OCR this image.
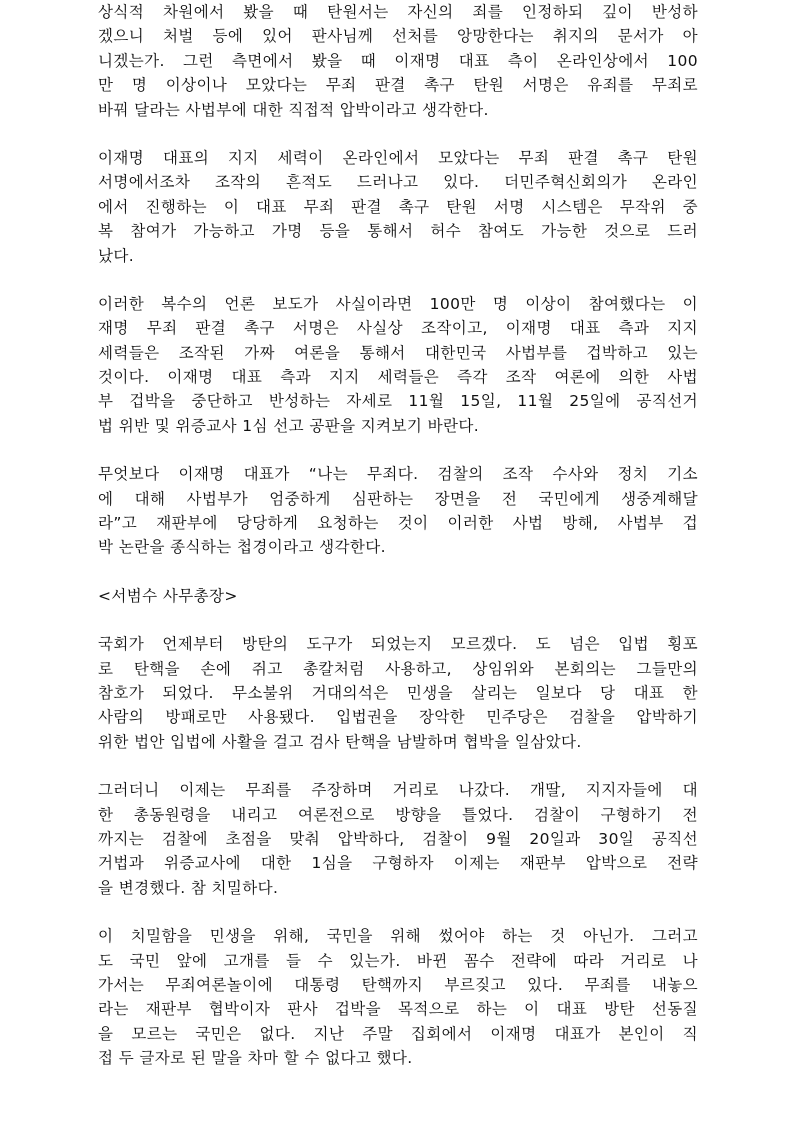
상식적 차원에서 봤을 때 탄원서는 자신의 죄를 인정하되 깊이 반성하
겠으니 처벌 등에 있어 판사님께 선처를 앙망한다는 취지의 문서가 아
니겠는가. 그런 측면에서 봤을 때 이재명 대표 측이 온라인상에서 100
만 명 이상이나 모았다는 무죄 판결 촉구 탄원 서명은 유죄를 무죄로
바꿔 달라는 사법부에 대한 직접적 압박이라고 생각한다.
이재명 대표의 지지 세력이 온라인에서 모았다는 무죄 판결 촉구 탄원
서명에서조차 조작의 흔적도 드러나고 있다. 더민주혁신회의가 온라인
에서 진행하는 이 대표 무죄 판결 촉구 탄원 서명 시스템은 무작위 중
복 참여가 가능하고 가명 등을 통해서 허수 참여도 가능한 것으로 드러
났다.
이러한 복수의 언론 보도가 사실이라면 100만 명 이상이 참여했다는 이
재명 무죄 판결 촉구 서명은 사실상 조작이고, 이재명 대표 측과 지지
세력들은 조작된 가짜 여론을 통해서 대한민국 사법부를 겁박하고 있는
것이다. 이재명 대표 측과 지지 세력들은 즉각 조작 여론에 의한 사법
부 겁박을 중단하고 반성하는 자세로 11월 15일, 11월 25일에 공직선거
법 위반 및 위증교사 1심 선고 공판을 지켜보기 바란다.
무엇보다 이재명 대표가 “나는 무죄다. 검찰의 조작 수사와 정치 기소
에 대해 사법부가 엄중하게 심판하는 장면을 전 국민에게 생중계해달
라”고 재판부에 당당하게 요청하는 것이 이러한 사법 방해, 사법부 겁
박 논란을 종식하는 첩경이라고 생각한다.
<서범수 사무총장>
국회가 언제부터 방탄의 도구가 되었는지 모르겠다. 도 넘은 입법 횡포
로 탄핵을 손에 쥐고 총칼처럼 사용하고, 상임위와 본회의는 그들만의
참호가 되었다. 무소불위 거대의석은 민생을 살리는 일보다 당 대표 한
사람의 방패로만 사용됐다. 입법권을 장악한 민주당은 검찰을 압박하기
위한 법안 입법에 사활을 걸고 검사 탄핵을 남발하며 협박을 일삼았다.
그러더니 이제는 무죄를 주장하며 거리로 나갔다. 개딸, 지지자들에 대
한 총동원령을 내리고 여론전으로 방향을 틀었다. 검찰이 구형하기 전
까지는 검찰에 초점을 맞춰 압박하다, 검찰이 9월 20일과 30일 공직선
거법과 위증교사에 대한 1심을 구형하자 이제는 재판부 압박으로 전략
을 변경했다. 참 치밀하다.
이 치밀함을 민생을 위해, 국민을 위해 썼어야 하는 것 아닌가. 그러고
도 국민 앞에 고개를 들 수 있는가. 바뀐 꼼수 전략에 따라 거리로 나
가서는 무죄여론놀이에 대통령 탄핵까지 부르짖고 있다. 무죄를 내놓으
라는 재판부 협박이자 판사 겁박을 목적으로 하는 이 대표 방탄 선동질
을 모르는 국민은 없다. 지난 주말 집회에서 이재명 대표가 본인이 직
접 두 글자로 된 말을 차마 할 수 없다고 했다.
